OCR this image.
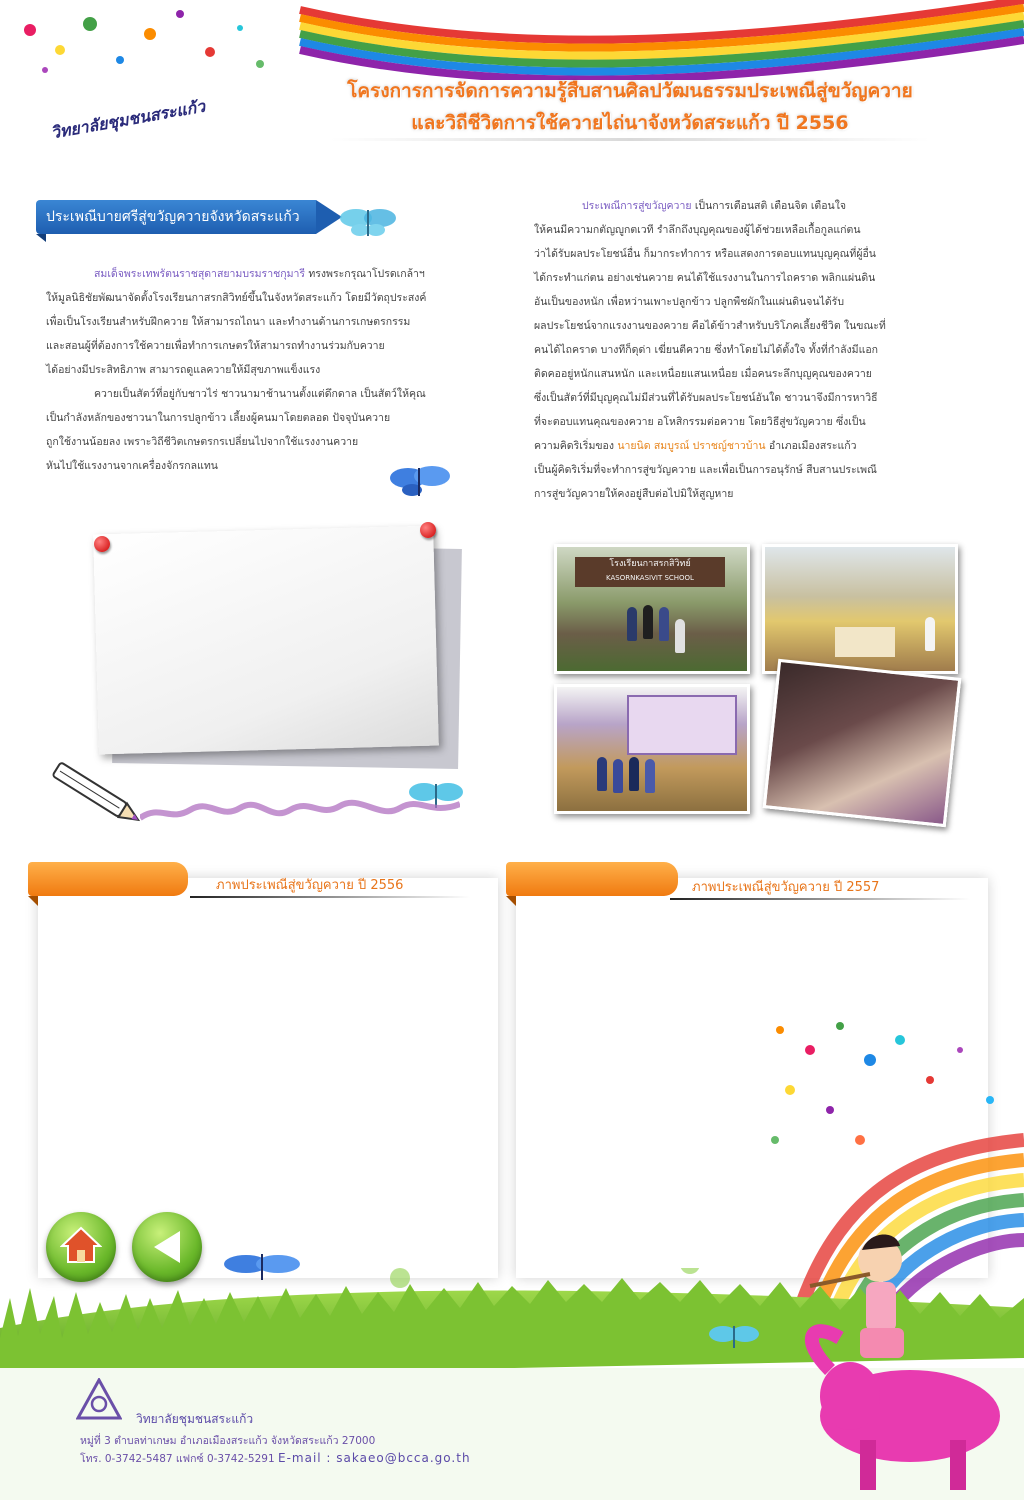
โครงการการจัดการความรู้สืบสานศิลปวัฒนธรรมประเพณีสู่ขวัญควาย
และวิถีชีวิตการใช้ควายไถ่นาจังหวัดสระแก้ว ปี 2556
วิทยาลัยชุมชนสระแก้ว
ประเพณีบายศรีสู่ขวัญควายจังหวัดสระแก้ว
สมเด็จพระเทพรัตนราชสุดาสยามบรมราชกุมารี ทรงพระกรุณาโปรดเกล้าฯ
ให้มูลนิธิชัยพัฒนาจัดตั้งโรงเรียนกาสรกสิวิทย์ขึ้นในจังหวัดสระแก้ว โดยมีวัตถุประสงค์
เพื่อเป็นโรงเรียนสำหรับฝึกควาย ให้สามารถไถนา และทำงานด้านการเกษตรกรรม
และสอนผู้ที่ต้องการใช้ควายเพื่อทำการเกษตรให้สามารถทำงานร่วมกับควาย
ได้อย่างมีประสิทธิภาพ สามารถดูแลควายให้มีสุขภาพแข็งแรง
ควายเป็นสัตว์ที่อยู่กับชาวไร่ ชาวนามาช้านานตั้งแต่ดึกดาล เป็นสัตว์ให้คุณ
เป็นกำลังหลักของชาวนาในการปลูกข้าว เลี้ยงผู้คนมาโดยตลอด ปัจจุบันควาย
ถูกใช้งานน้อยลง เพราะวิถีชีวิตเกษตรกรเปลี่ยนไปจากใช้แรงงานควาย
หันไปใช้แรงงานจากเครื่องจักรกลแทน
ประเพณีการสู่ขวัญควาย เป็นการเตือนสติ เตือนจิต เตือนใจ
ให้คนมีความกตัญญูกตเวที รำลึกถึงบุญคุณของผู้ได้ช่วยเหลือเกื้อกูลแก่ตน
ว่าได้รับผลประโยชน์อื่น ก็มากระทำการ หรือแสดงการตอบแทนบุญคุณที่ผู้อื่น
ได้กระทำแก่ตน อย่างเช่นควาย คนได้ใช้แรงงานในการไถคราด พลิกแผ่นดิน
อันเป็นของหนัก เพื่อหว่านเพาะปลูกข้าว ปลูกพืชผักในแผ่นดินจนได้รับ
ผลประโยชน์จากแรงงานของควาย คือได้ข้าวสำหรับบริโภคเลี้ยงชีวิต ในขณะที่
คนได้ไถคราด บางทีก็ดุด่า เฆี่ยนตีควาย ซึ่งทำโดยไม่ได้ตั้งใจ ทั้งที่กำลังมีแอก
ติดคออยู่หนักแสนหนัก และเหนื่อยแสนเหนื่อย เมื่อคนระลึกบุญคุณของควาย
ซึ่งเป็นสัตว์ที่มีบุญคุณไม่มีส่วนที่ได้รับผลประโยชน์อันใด ชาวนาจึงมีการหาวิธี
ที่จะตอบแทนคุณของควาย อโหสิกรรมต่อควาย โดยวิธีสู่ขวัญควาย ซึ่งเป็น
ความคิดริเริ่มของ นายนิด สมบูรณ์ ปราชญ์ชาวบ้าน อำเภอเมืองสระแก้ว
เป็นผู้คิดริเริ่มที่จะทำการสู่ขวัญควาย และเพื่อเป็นการอนุรักษ์ สืบสานประเพณี
การสู่ขวัญควายให้คงอยู่สืบต่อไปมิให้สูญหาย
โรงเรียนกาสรกสิวิทย์
KASORNKASIVIT SCHOOL
ภาพประเพณีสู่ขวัญควาย ปี 2556	ภาพประเพณีสู่ขวัญควาย ปี 2557
วิทยาลัยชุมชนสระแก้ว
หมู่ที่ 3 ตำบลท่าเกษม อำเภอเมืองสระแก้ว จังหวัดสระแก้ว 27000
โทร. 0-3742-5487 แฟกซ์ 0-3742-5291 E-mail : sakaeo@bcca.go.th
